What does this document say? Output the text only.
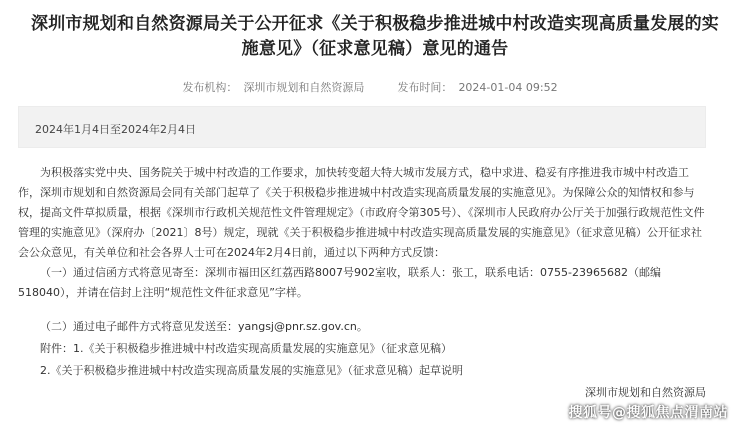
深圳市规划和自然资源局关于公开征求《关于积极稳步推进城中村改造实现高质量发展的实施意见》（征求意见稿）意见的通告
发布机构： 深圳市规划和自然资源局	发布时间： 2024-01-04 09:52
2024年1月4日至2024年2月4日
为积极落实党中央、国务院关于城中村改造的工作要求，加快转变超大特大城市发展方式，稳中求进、稳妥有序推进我市城中村改造工作，深圳市规划和自然资源局会同有关部门起草了《关于积极稳步推进城中村改造实现高质量发展的实施意见》。为保障公众的知情权和参与权，提高文件草拟质量，根据《深圳市行政机关规范性文件管理规定》（市政府令第305号）、《深圳市人民政府办公厅关于加强行政规范性文件管理的实施意见》（深府办〔2021〕8号）规定，现就《关于积极稳步推进城中村改造实现高质量发展的实施意见》（征求意见稿）公开征求社会公众意见，有关单位和社会各界人士可在2024年2月4日前，通过以下两种方式反馈：
（一）通过信函方式将意见寄至：深圳市福田区红荔西路8007号902室收，联系人：张工，联系电话：0755-23965682（邮编518040），并请在信封上注明“规范性文件征求意见”字样。
（二）通过电子邮件方式将意见发送至：yangsj@pnr.sz.gov.cn。
附件：1.《关于积极稳步推进城中村改造实现高质量发展的实施意见》（征求意见稿）
2.《关于积极稳步推进城中村改造实现高质量发展的实施意见》（征求意见稿）起草说明
深圳市规划和自然资源局
搜狐号@搜狐焦点渭南站
